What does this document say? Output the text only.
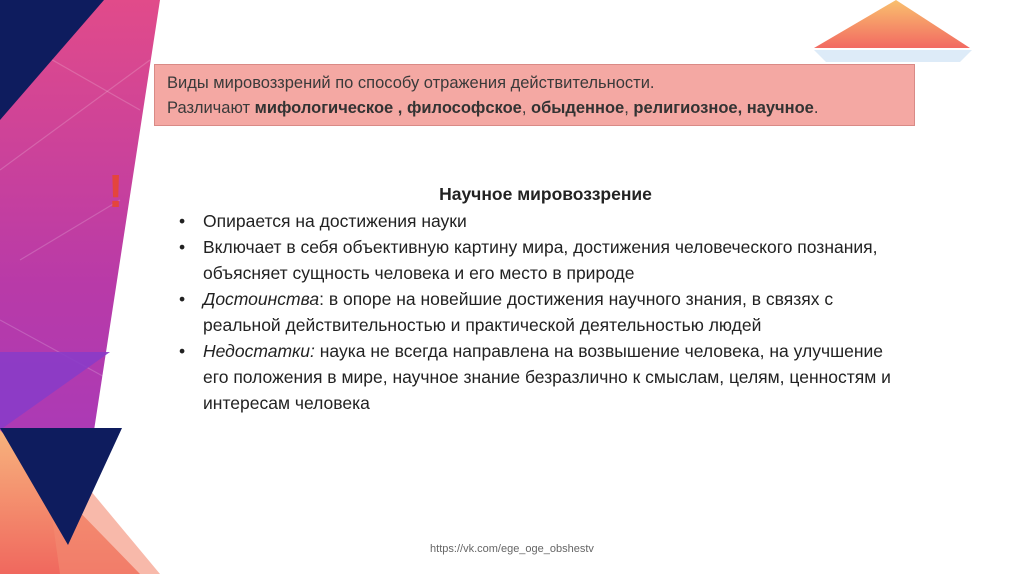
Виды мировоззрений по способу отражения действительности.
Различают мифологическое , философское, обыденное, религиозное, научное.
!	Научное мировоззрение
• Опирается на достижения науки
• Включает в себя объективную картину мира, достижения человеческого познания, объясняет сущность человека и его место в природе
• Достоинства: в опоре на новейшие достижения научного знания, в связях с реальной действительностью и практической деятельностью людей
• Недостатки: наука не всегда направлена на возвышение человека, на улучшение его положения в мире, научное знание безразлично к смыслам, целям, ценностям и интересам человека
https://vk.com/ege_oge_obshestv
